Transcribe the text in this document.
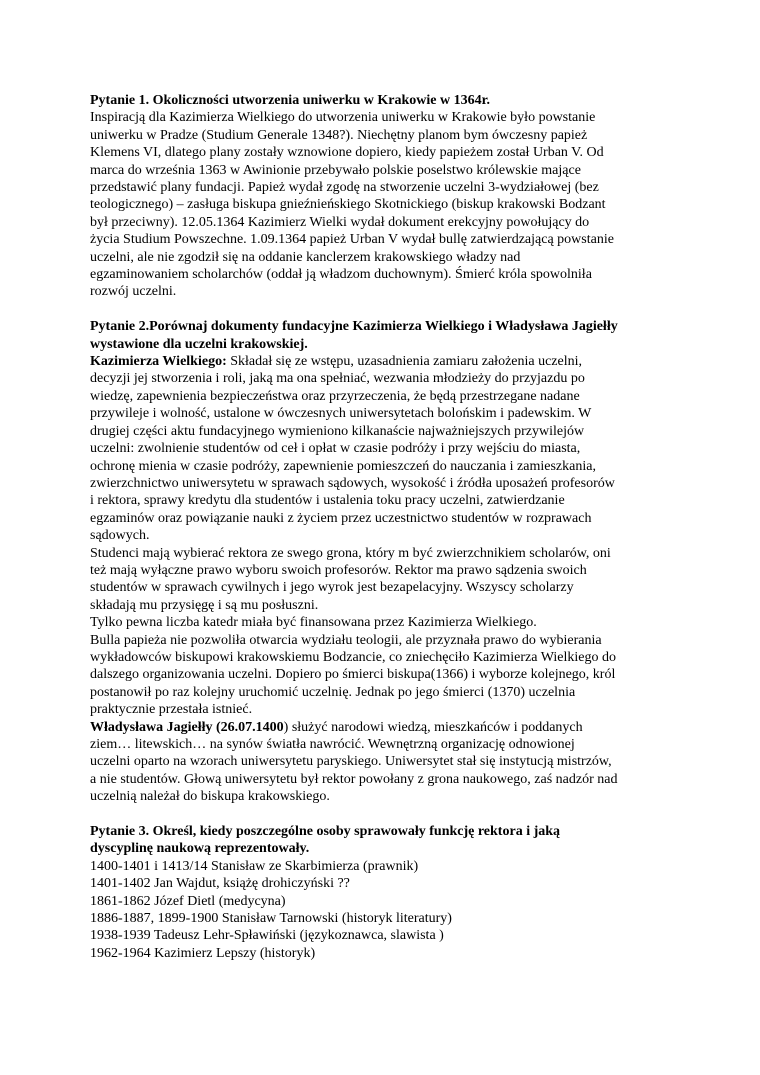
Pytanie 1. Okoliczności utworzenia uniwerku w Krakowie w 1364r.
Inspiracją dla Kazimierza Wielkiego do utworzenia uniwerku w Krakowie było powstanie
uniwerku w Pradze (Studium Generale 1348?). Niechętny planom bym ówczesny papież
Klemens VI, dlatego plany zostały wznowione dopiero, kiedy papieżem został Urban V. Od
marca do września 1363 w Awinionie przebywało polskie poselstwo królewskie mające
przedstawić plany fundacji. Papież wydał zgodę na stworzenie uczelni 3-wydziałowej (bez
teologicznego) – zasługa biskupa gnieźnieńskiego Skotnickiego (biskup krakowski Bodzant
był przeciwny). 12.05.1364 Kazimierz Wielki wydał dokument erekcyjny powołujący do
życia Studium Powszechne. 1.09.1364 papież Urban V wydał bullę zatwierdzającą powstanie
uczelni, ale nie zgodził się na oddanie kanclerzem krakowskiego władzy nad
egzaminowaniem scholarchów (oddał ją władzom duchownym). Śmierć króla spowolniła
rozwój uczelni.
Pytanie 2.Porównaj dokumenty fundacyjne Kazimierza Wielkiego i Władysława Jagiełły
wystawione dla uczelni krakowskiej.
Kazimierza Wielkiego: Składał się ze wstępu, uzasadnienia zamiaru założenia uczelni,
decyzji jej stworzenia i roli, jaką ma ona spełniać, wezwania młodzieży do przyjazdu po
wiedzę, zapewnienia bezpieczeństwa oraz przyrzeczenia, że będą przestrzegane nadane
przywileje i wolność, ustalone w ówczesnych uniwersytetach bolońskim i padewskim. W
drugiej części aktu fundacyjnego wymieniono kilkanaście najważniejszych przywilejów
uczelni: zwolnienie studentów od ceł i opłat w czasie podróży i przy wejściu do miasta,
ochronę mienia w czasie podróży, zapewnienie pomieszczeń do nauczania i zamieszkania,
zwierzchnictwo uniwersytetu w sprawach sądowych, wysokość i źródła uposażeń profesorów
i rektora, sprawy kredytu dla studentów i ustalenia toku pracy uczelni, zatwierdzanie
egzaminów oraz powiązanie nauki z życiem przez uczestnictwo studentów w rozprawach
sądowych.
Studenci mają wybierać rektora ze swego grona, który m być zwierzchnikiem scholarów, oni
też mają wyłączne prawo wyboru swoich profesorów. Rektor ma prawo sądzenia swoich
studentów w sprawach cywilnych i jego wyrok jest bezapelacyjny. Wszyscy scholarzy
składają mu przysięgę i są mu posłuszni.
Tylko pewna liczba katedr miała być finansowana przez Kazimierza Wielkiego.
Bulla papieża nie pozwoliła otwarcia wydziału teologii, ale przyznała prawo do wybierania
wykładowców biskupowi krakowskiemu Bodzancie, co zniechęciło Kazimierza Wielkiego do
dalszego organizowania uczelni. Dopiero po śmierci biskupa(1366) i wyborze kolejnego, król
postanowił po raz kolejny uruchomić uczelnię. Jednak po jego śmierci (1370) uczelnia
praktycznie przestała istnieć.
Władysława Jagiełły (26.07.1400) służyć narodowi wiedzą, mieszkańców i poddanych
ziem… litewskich… na synów światła nawrócić. Wewnętrzną organizację odnowionej
uczelni oparto na wzorach uniwersytetu paryskiego. Uniwersytet stał się instytucją mistrzów,
a nie studentów. Głową uniwersytetu był rektor powołany z grona naukowego, zaś nadzór nad
uczelnią należał do biskupa krakowskiego.
Pytanie 3. Określ, kiedy poszczególne osoby sprawowały funkcję rektora i jaką
dyscyplinę naukową reprezentowały.
1400-1401 i 1413/14 Stanisław ze Skarbimierza (prawnik)
1401-1402 Jan Wajdut, książę drohiczyński ??
1861-1862 Józef Dietl (medycyna)
1886-1887, 1899-1900 Stanisław Tarnowski (historyk literatury)
1938-1939 Tadeusz Lehr-Spławiński (językoznawca, slawista )
1962-1964 Kazimierz Lepszy (historyk)
